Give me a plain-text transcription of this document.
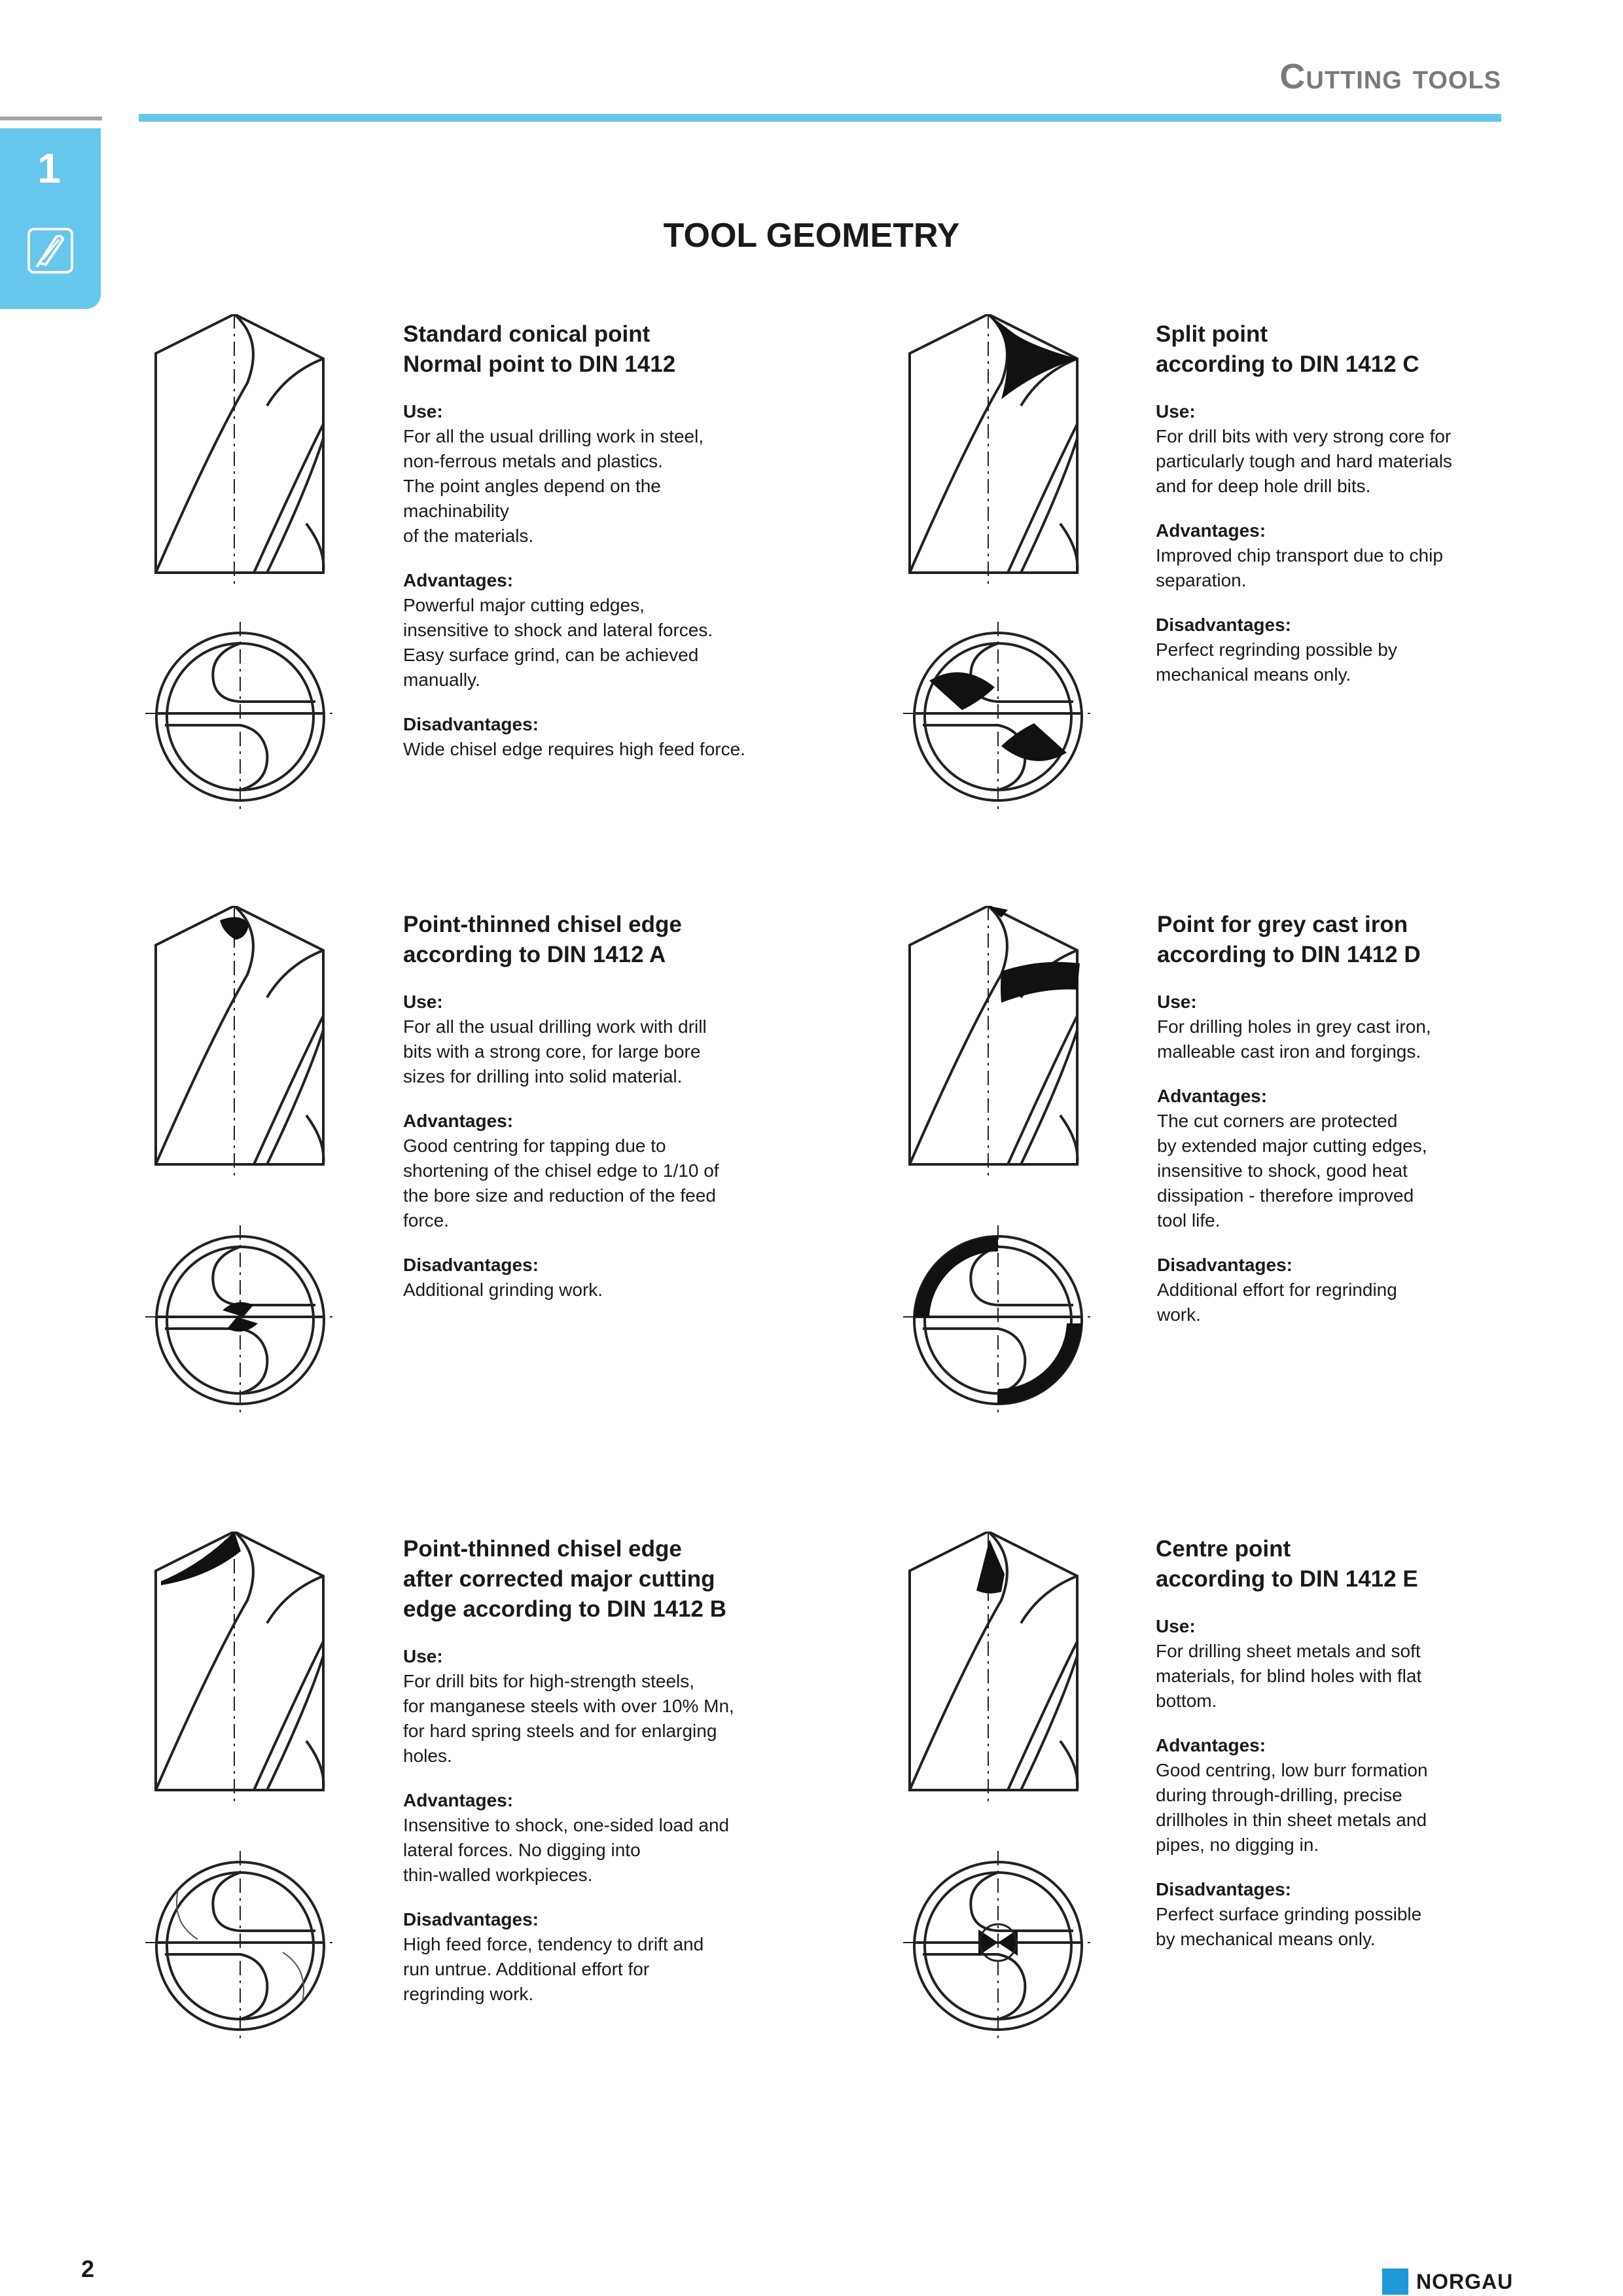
Cutting tools
1
TOOL GEOMETRY
Standard conical point
Normal point to DIN 1412

Use:

For all the usual drilling work in steel,
non-ferrous metals and plastics.
The point angles depend on the
machinability
of the materials.

Advantages:

Powerful major cutting edges,
insensitive to shock and lateral forces.
Easy surface grind, can be achieved
manually.

Disadvantages:

Wide chisel edge requires high feed force.

Split point
according to DIN 1412 C

Use:

For drill bits with very strong core for
particularly tough and hard materials
and for deep hole drill bits.

Advantages:

Improved chip transport due to chip
separation.

Disadvantages:

Perfect regrinding possible by
mechanical means only.

Point-thinned chisel edge
according to DIN 1412 A

Use:

For all the usual drilling work with drill
bits with a strong core, for large bore
sizes for drilling into solid material.

Advantages:

Good centring for tapping due to
shortening of the chisel edge to 1/10 of
the bore size and reduction of the feed
force.

Disadvantages:

Additional grinding work.

Point for grey cast iron
according to DIN 1412 D

Use:

For drilling holes in grey cast iron,
malleable cast iron and forgings.

Advantages:

The cut corners are protected
by extended major cutting edges,
insensitive to shock, good heat
dissipation - therefore improved
tool life.

Disadvantages:

Additional effort for regrinding
work.

Point-thinned chisel edge
after corrected major cutting
edge according to DIN 1412 B

Use:

For drill bits for high-strength steels,
for manganese steels with over 10% Mn,
for hard spring steels and for enlarging
holes.

Advantages:

Insensitive to shock, one-sided load and
lateral forces. No digging into
thin-walled workpieces.

Disadvantages:

High feed force, tendency to drift and
run untrue. Additional effort for
regrinding work.

Centre point
according to DIN 1412 E

Use:

For drilling sheet metals and soft
materials, for blind holes with flat
bottom.

Advantages:

Good centring, low burr formation
during through-drilling, precise
drillholes in thin sheet metals and
pipes, no digging in.

Disadvantages:

Perfect surface grinding possible
by mechanical means only.

2	NORGAU
